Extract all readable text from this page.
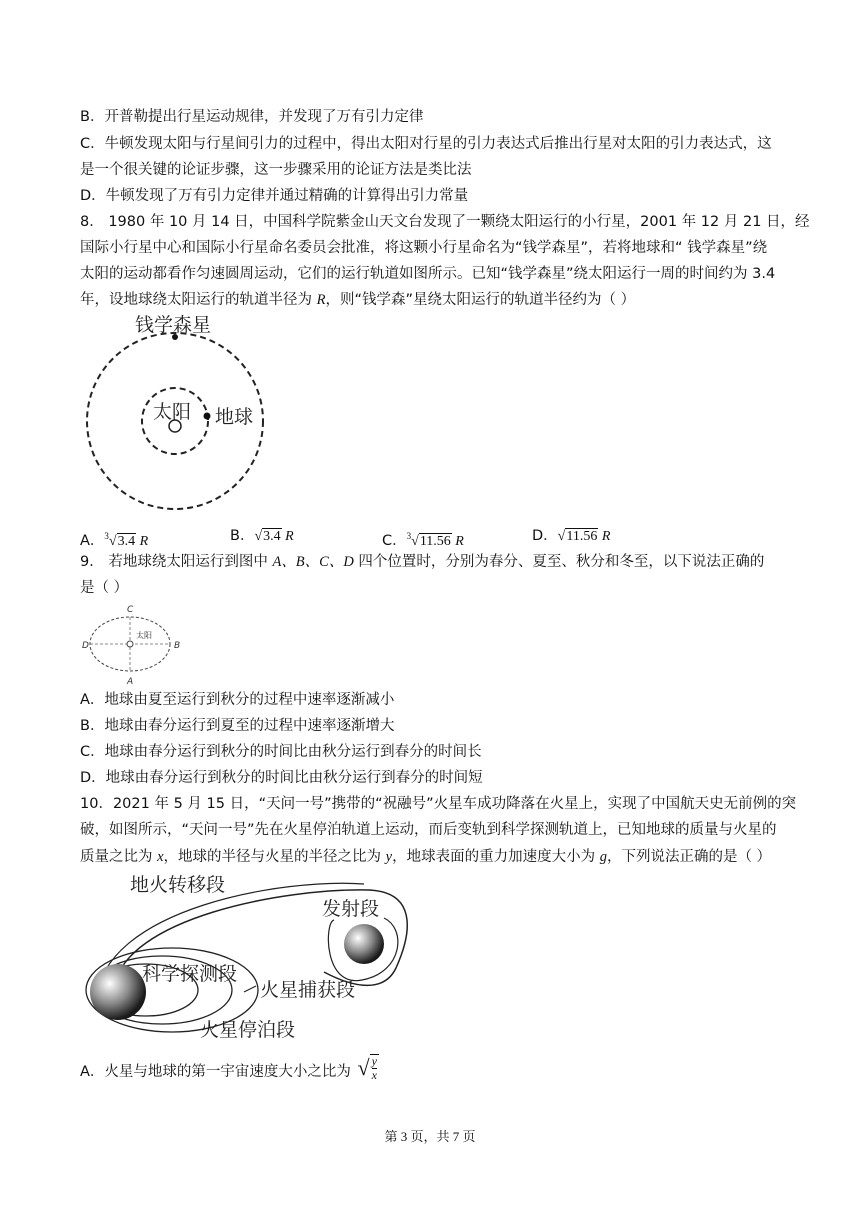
B．开普勒提出行星运动规律，并发现了万有引力定律
C．牛顿发现太阳与行星间引力的过程中，得出太阳对行星的引力表达式后推出行星对太阳的引力表达式，这
是一个很关键的论证步骤，这一步骤采用的论证方法是类比法
D．牛顿发现了万有引力定律并通过精确的计算得出引力常量
8． 1980 年 10 月 14 日，中国科学院紫金山天文台发现了一颗绕太阳运行的小行星，2001 年 12 月 21 日，经
国际小行星中心和国际小行星命名委员会批准，将这颗小行星命名为“钱学森星”，若将地球和“ 钱学森星”绕
太阳的运动都看作匀速圆周运动，它们的运行轨道如图所示。已知“钱学森星”绕太阳运行一周的时间约为 3.4
年，设地球绕太阳运行的轨道半径为 R，则“钱学森”星绕太阳运行的轨道半径约为（ ）
钱学森星
太阳 地球
A．$^3$√3.4 R	B．√3.4 R	C．$^3$√11.56 R	D．√11.56 R
9． 若地球绕太阳运行到图中 A、B、C、D 四个位置时，分别为春分、夏至、秋分和冬至，以下说法正确的
是（ ）
太阳
C
A
D	B
A．地球由夏至运行到秋分的过程中速率逐渐减小
B．地球由春分运行到夏至的过程中速率逐渐增大
C．地球由春分运行到秋分的时间比由秋分运行到春分的时间长
D．地球由春分运行到秋分的时间比由秋分运行到春分的时间短
10．2021 年 5 月 15 日，“天问一号”携带的“祝融号”火星车成功降落在火星上，实现了中国航天史无前例的突
破，如图所示，“天问一号”先在火星停泊轨道上运动，而后变轨到科学探测轨道上，已知地球的质量与火星的
质量之比为 x，地球的半径与火星的半径之比为 y，地球表面的重力加速度大小为 g，下列说法正确的是（ ）
地火转移段
发射段
科学探测段
火星捕获段
火星停泊段
A．火星与地球的第一宇宙速度大小之比为 √ $\frac{y}{x}$
第 3 页，共 7 页
